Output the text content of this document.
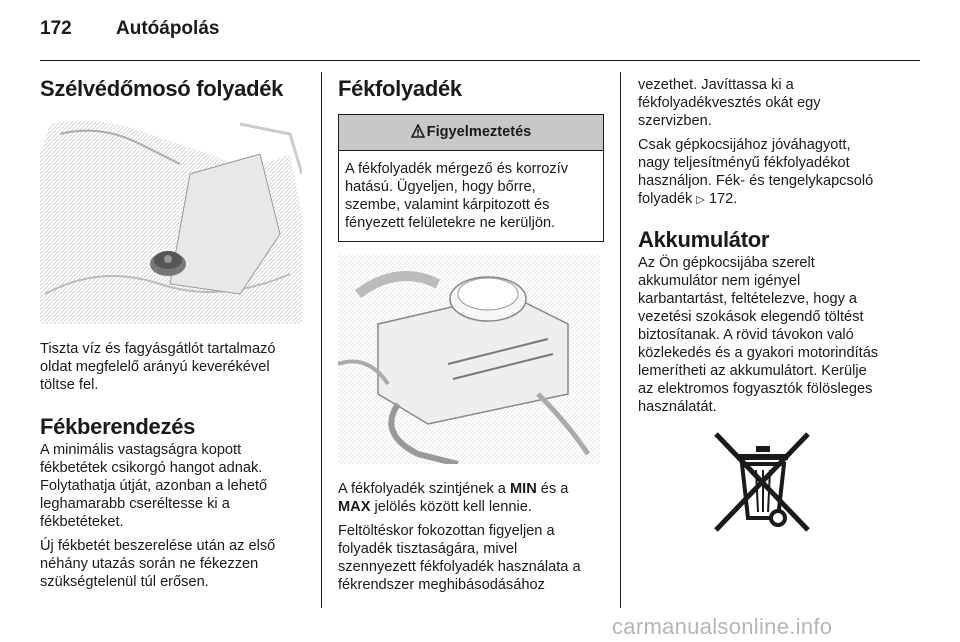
172 Autóápolás
Szélvédőmosó folyadék

Tiszta víz és fagyásgátlót tartalmazó
oldat megfelelő arányú keverékével
töltse fel.

Fékberendezés

A minimális vastagságra kopott
fékbetétek csikorgó hangot adnak.
Folytathatja útját, azonban a lehető
leghamarabb cseréltesse ki a
fékbetéteket.

Új fékbetét beszerelése után az első
néhány utazás során ne fékezzen
szükségtelenül túl erősen.

Fékfolyadék
Figyelmeztetés
A fékfolyadék mérgező és korrozív
hatású. Ügyeljen, hogy bőrre,
szembe, valamint kárpitozott és
fényezett felületekre ne kerüljön.

A fékfolyadék szintjének a MIN és a
MAX jelölés között kell lennie.

Feltöltéskor fokozottan figyeljen a
folyadék tisztaságára, mivel
szennyezett fékfolyadék használata a
fékrendszer meghibásodásához

vezethet. Javíttassa ki a
fékfolyadékvesztés okát egy
szervizben.

Csak gépkocsijához jóváhagyott,
nagy teljesítményű fékfolyadékot
használjon. Fék- és tengelykapcsoló
folyadék ▷ 172.

Akkumulátor

Az Ön gépkocsijába szerelt
akkumulátor nem igényel
karbantartást, feltételezve, hogy a
vezetési szokások elegendő töltést
biztosítanak. A rövid távokon való
közlekedés és a gyakori motorindítás
lemerítheti az akkumulátort. Kerülje
az elektromos fogyasztók fölösleges
használatát.

carmanualsonline.info
